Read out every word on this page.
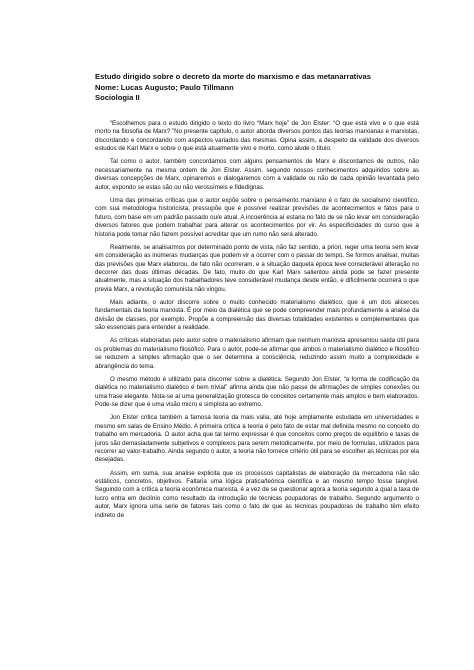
Estudo dirigido sobre o decreto da morte do marxismo e das metanarrativas
Nome: Lucas Augusto; Paulo Tillmann
Sociologia II

“Escolhemos para o estudo dirigido o texto do livro “Marx hoje” de Jon Elster: “O que está vivo e o que está morto na filosofia de Marx? ”No presente capítulo, o autor aborda diversos pontos das teorias marxianas e marxistas, discordando e concordando com aspectos variados das mesmas. Opina assim, a despeito da validade dos diversos estudos de Karl Marx e sobre o que está atualmente vivo e morto, como alude o título.

Tal como o autor, também concordamos com alguns pensamentos de Marx e discordamos de outros, não necessariamente na mesma ordem de Jon Elster. Assim, segundo nossos conhecimentos adquiridos sobre as diversas concepções de Marx, opinaremos e dialogaremos com a validade ou não de cada opinião levantada pelo autor, expondo se estas são ou não verossímeis e fidedignas.

Uma das primeiras críticas que o autor expõe sobre o pensamento marxiano é o fato de socialismo científico, com sua metodologia historicista, pressupõe que é possível realizar previsões de acontecimentos e fatos para o futuro, com base em um padrão passado ou/e atual. A incoerência aí estaria no fato de se não levar em consideração diversos fatores que podem trabalhar para alterar os acontecimentos por vir. As especificidades do curso que a historia pode tomar não fazem possível acreditar que um rumo não será alterado.

Realmente, se analisarmos por determinado ponto de vista, não faz sentido, a priori, reger uma teoria sem levar em consideração as inúmeras mudanças que podem vir a ocorrer com o passar do tempo. Se formos analisar, muitas das previsões que Marx elaborou, de fato não ocorreram, e a situação daquela época teve considerável alteração no decorrer das duas últimas décadas. De fato, muito do que Karl Marx salientou ainda pode se fazer presente atualmente, mas a situação dos trabalhadores teve considerável mudança desde então, e dificilmente ocorrerá o que previa Marx, a revolução comunista não vingou.

Mais adiante, o autor discorre sobre o muito conhecido materialismo dialético, que é um dos alicerces fundamentais da teoria marxista. É por meio da dialética que se pode compreender mais profundamente a analise da divisão de classes, por exemplo. Propõe a compreensão das diversas totalidades existentes e complementares que são essenciais para entender a realidade.

As críticas elaboradas pelo autor sobre o materialismo afirmam que nenhum marxista apresentou saída útil para os problemas do materialismo filosófico. Para o autor, pode-se afirmar que ambos o materialismo dialético e filosófico se reduzem a simples afirmação que o ser determina a consciência, reduzindo assim muito a complexidade e abrangência do tema.

O mesmo método é utilizado para discorrer sobre a dialética. Segundo Jon Elster, “a forma de codificação da dialética no materialismo dialético é bem trivial” afirma ainda que não passe de afirmações de simples conexões ou uma frase elegante. Nota-se aí uma generalização grotesca de conceitos certamente mais amplos e bem elaborados. Pode-se dizer que é uma visão micro e simplista ao extremo.

Jon Elster critica também a famosa teoria da mais valia, até hoje amplamente estudada em universidades e mesmo em salas de Ensino Médio. A primeira crítica a teoria é pelo fato de estar mal definida mesmo no conceito do trabalho em mercadoria. O autor acha que tal termo expressar é que conceitos como preços de equilíbrio e taxas de juros são demasiadamente subjetivos e complexos para serem metodicamente, por meio de formulas, utilizados para recorrer ao valor-trabalho. Ainda segundo o autor, a teoria não fornece critério útil para se escolher as técnicas por ela desejadas.

Assim, em suma, sua analise explicita que os processos capitalistas de elaboração da mercadoria não são estáticos, concretos, objetivos. Faltaria uma lógica pratica/teórica científica e ao mesmo tempo fosse tangível. Seguindo com a crítica a teoria econômica marxista, é a vez de se questionar agora a teoria segundo a qual a taxa de lucro entra em declínio como resultado da introdução de técnicas poupadoras de trabalho. Segundo argumento o autor, Marx ignora uma serie de fatores tais como o fato de que as técnicas poupadoras de trabalho têm efeito indireto de
